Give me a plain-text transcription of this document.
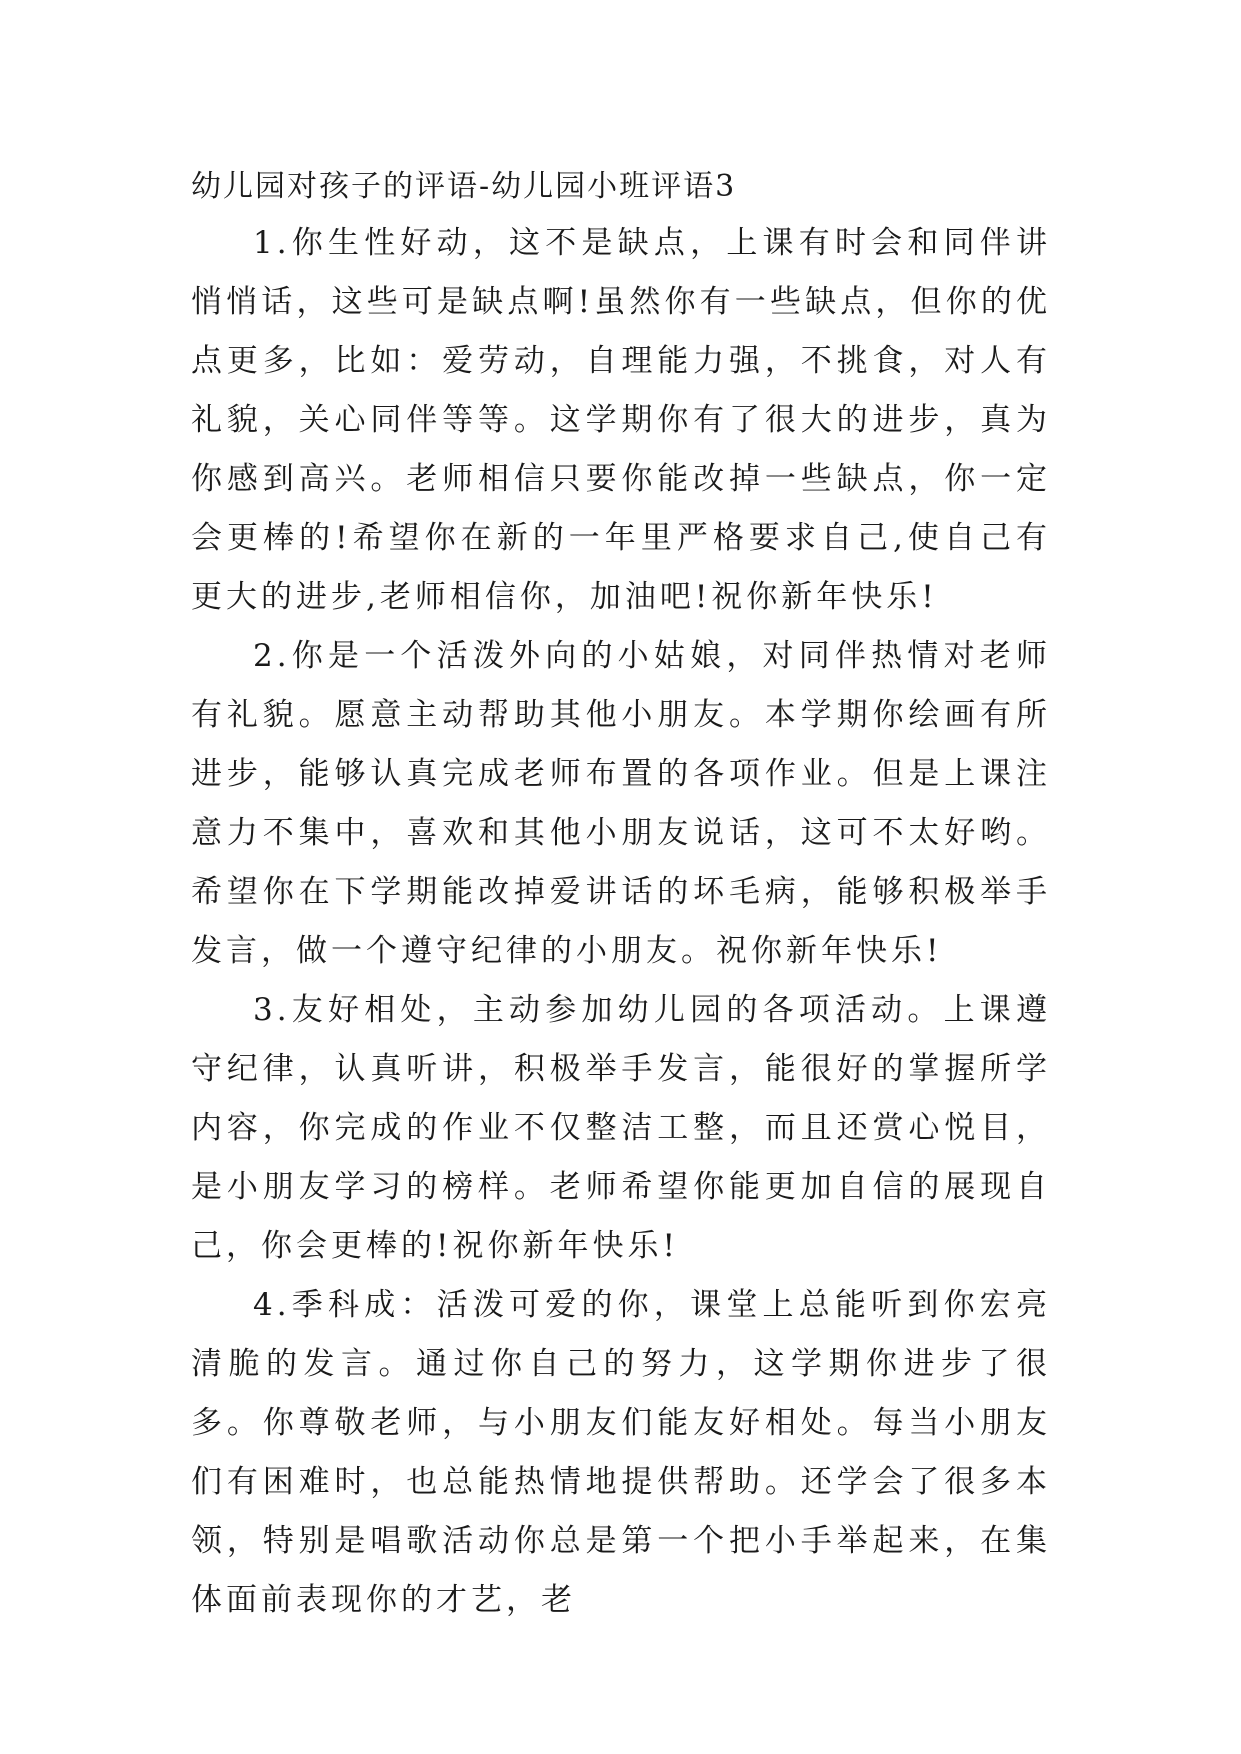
幼儿园对孩子的评语-幼儿园小班评语3

1.你生性好动，这不是缺点，上课有时会和同伴讲悄悄话，这些可是缺点啊!虽然你有一些缺点，但你的优点更多，比如：爱劳动，自理能力强，不挑食，对人有礼貌，关心同伴等等。这学期你有了很大的进步，真为你感到高兴。老师相信只要你能改掉一些缺点，你一定会更棒的!希望你在新的一年里严格要求自己,使自己有更大的进步,老师相信你，加油吧!祝你新年快乐!

2.你是一个活泼外向的小姑娘，对同伴热情对老师有礼貌。愿意主动帮助其他小朋友。本学期你绘画有所进步，能够认真完成老师布置的各项作业。但是上课注意力不集中，喜欢和其他小朋友说话，这可不太好哟。希望你在下学期能改掉爱讲话的坏毛病，能够积极举手发言，做一个遵守纪律的小朋友。祝你新年快乐!

3.友好相处，主动参加幼儿园的各项活动。上课遵守纪律，认真听讲，积极举手发言，能很好的掌握所学内容，你完成的作业不仅整洁工整，而且还赏心悦目，是小朋友学习的榜样。老师希望你能更加自信的展现自己，你会更棒的!祝你新年快乐!

4.季科成：活泼可爱的你，课堂上总能听到你宏亮清脆的发言。通过你自己的努力，这学期你进步了很多。你尊敬老师，与小朋友们能友好相处。每当小朋友们有困难时，也总能热情地提供帮助。还学会了很多本领，特别是唱歌活动你总是第一个把小手举起来，在集体面前表现你的才艺，老
